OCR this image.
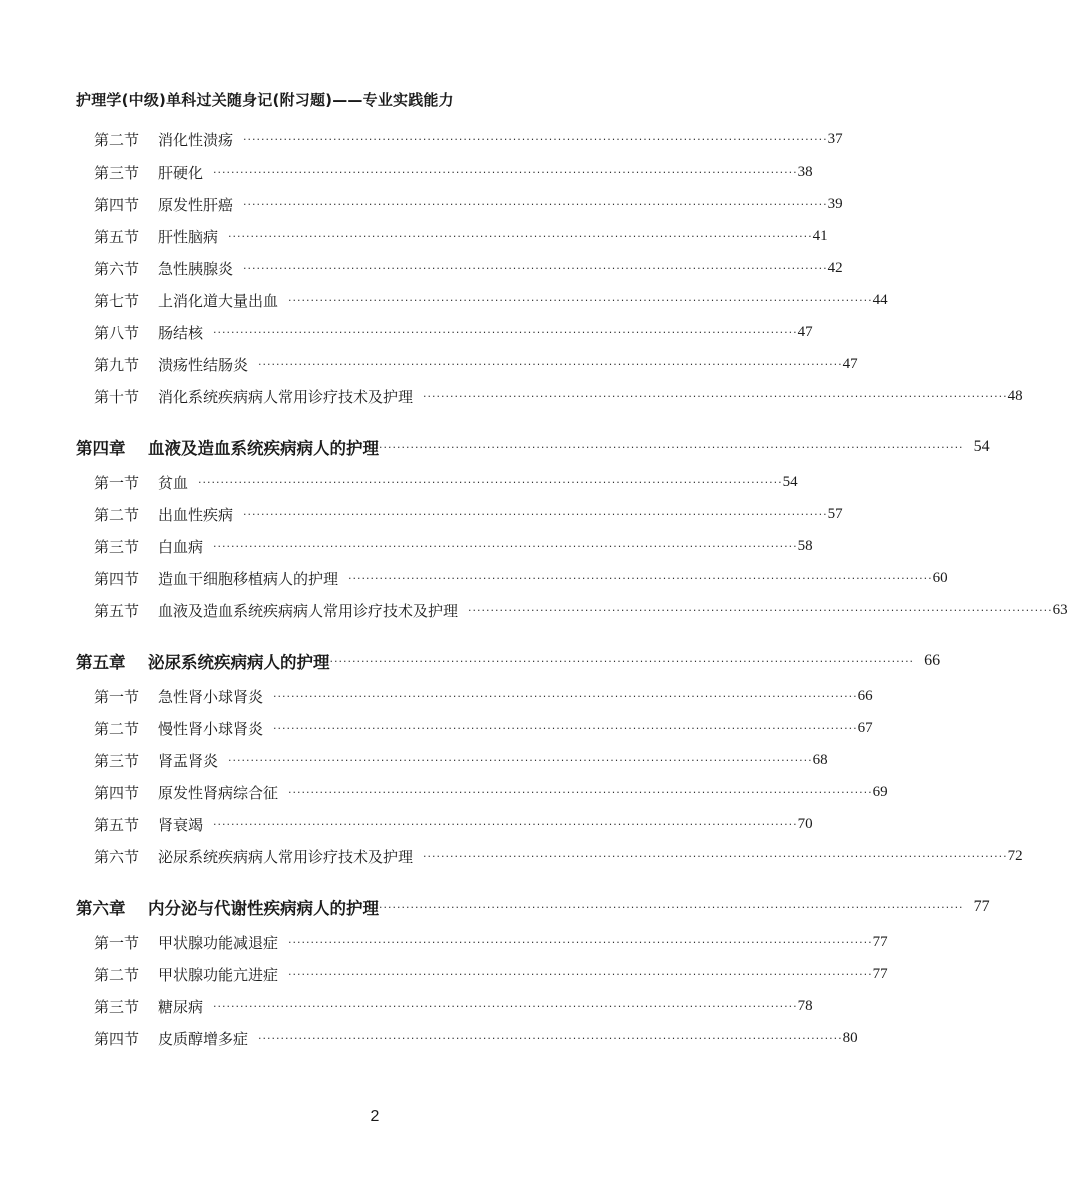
护理学(中级)单科过关随身记(附习题)——专业实践能力
第二节	消化性溃疡 ·································································································································· 37
第三节	肝硬化 ·································································································································· 38
第四节	原发性肝癌 ·································································································································· 39
第五节	肝性脑病 ·································································································································· 41
第六节	急性胰腺炎 ·································································································································· 42
第七节	上消化道大量出血 ·································································································································· 44
第八节	肠结核 ·································································································································· 47
第九节	溃疡性结肠炎 ·································································································································· 47
第十节	消化系统疾病病人常用诊疗技术及护理 ·································································································································· 48
第四章	血液及造血系统疾病病人的护理 ·································································································································· 54
第一节	贫血 ·································································································································· 54
第二节	出血性疾病 ·································································································································· 57
第三节	白血病 ·································································································································· 58
第四节	造血干细胞移植病人的护理 ·································································································································· 60
第五节	血液及造血系统疾病病人常用诊疗技术及护理 ·································································································································· 63
第五章	泌尿系统疾病病人的护理 ·································································································································· 66
第一节	急性肾小球肾炎 ·································································································································· 66
第二节	慢性肾小球肾炎 ·································································································································· 67
第三节	肾盂肾炎 ·································································································································· 68
第四节	原发性肾病综合征 ·································································································································· 69
第五节	肾衰竭 ·································································································································· 70
第六节	泌尿系统疾病病人常用诊疗技术及护理 ·································································································································· 72
第六章	内分泌与代谢性疾病病人的护理 ·································································································································· 77
第一节	甲状腺功能减退症 ·································································································································· 77
第二节	甲状腺功能亢进症 ·································································································································· 77
第三节	糖尿病 ·································································································································· 78
第四节	皮质醇增多症 ·································································································································· 80
2
